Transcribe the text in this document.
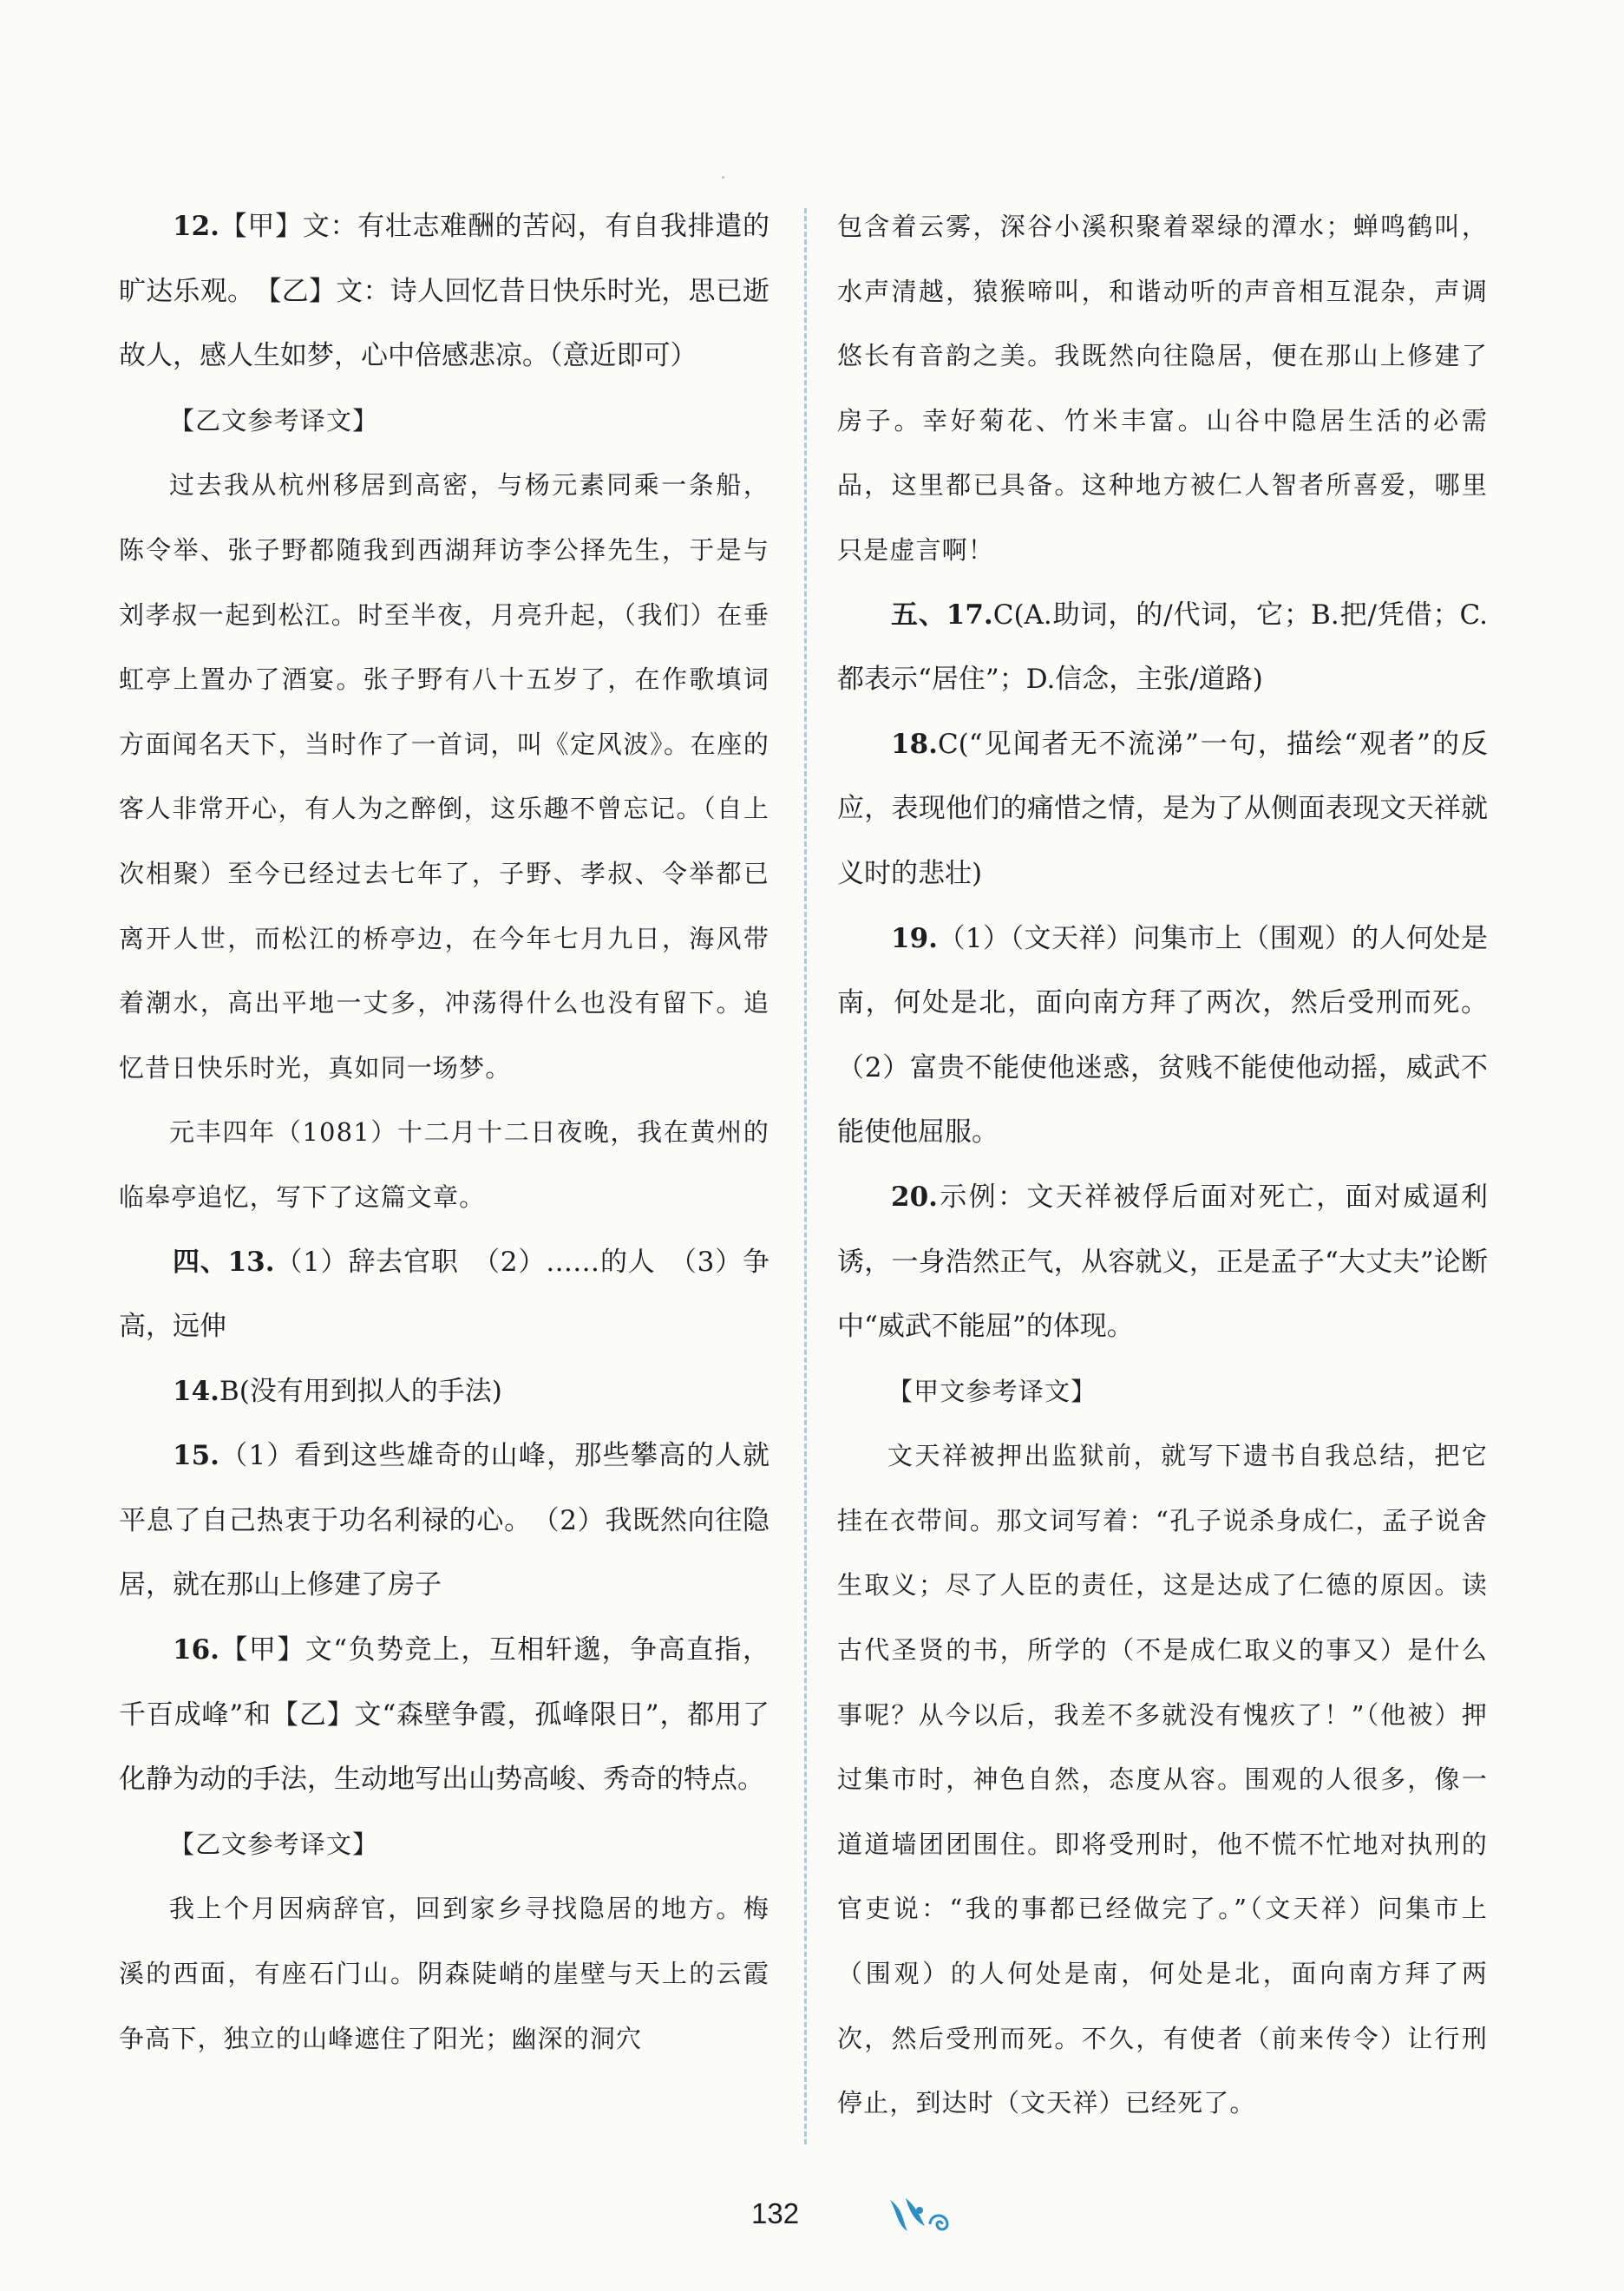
12.【甲】文：有壮志难酬的苦闷，有自我排遣的旷达乐观。　【乙】文：诗人回忆昔日快乐时光，思已逝故人，感人生如梦，心中倍感悲凉。（意近即可）

【乙文参考译文】

过去我从杭州移居到高密，与杨元素同乘一条船，陈令举、张子野都随我到西湖拜访李公择先生，于是与刘孝叔一起到松江。时至半夜，月亮升起，（我们）在垂虹亭上置办了酒宴。张子野有八十五岁了，在作歌填词方面闻名天下，当时作了一首词，叫《定风波》。在座的客人非常开心，有人为之醉倒，这乐趣不曾忘记。（自上次相聚）至今已经过去七年了，子野、孝叔、令举都已离开人世，而松江的桥亭边，在今年七月九日，海风带着潮水，高出平地一丈多，冲荡得什么也没有留下。追忆昔日快乐时光，真如同一场梦。

元丰四年（1081）十二月十二日夜晚，我在黄州的临皋亭追忆，写下了这篇文章。

四、13.（1）辞去官职　（2）……的人　（3）争高，远伸

14.B(没有用到拟人的手法)

15.（1）看到这些雄奇的山峰，那些攀高的人就平息了自己热衷于功名利禄的心。　（2）我既然向往隐居，就在那山上修建了房子

16.【甲】文“负势竞上，互相轩邈，争高直指，千百成峰”和【乙】文“森壁争霞，孤峰限日”，都用了化静为动的手法，生动地写出山势高峻、秀奇的特点。

【乙文参考译文】

我上个月因病辞官，回到家乡寻找隐居的地方。梅溪的西面，有座石门山。阴森陡峭的崖壁与天上的云霞争高下，独立的山峰遮住了阳光；幽深的洞穴

包含着云雾，深谷小溪积聚着翠绿的潭水；蝉鸣鹤叫，水声清越，猿猴啼叫，和谐动听的声音相互混杂，声调悠长有音韵之美。我既然向往隐居，便在那山上修建了房子。幸好菊花、竹米丰富。山谷中隐居生活的必需品，这里都已具备。这种地方被仁人智者所喜爱，哪里只是虚言啊！

五、17.C(A.助词，的/代词，它；B.把/凭借；C.都表示“居住”；D.信念，主张/道路)

18.C(“见闻者无不流涕”一句，描绘“观者”的反应，表现他们的痛惜之情，是为了从侧面表现文天祥就义时的悲壮)

19.（1）（文天祥）问集市上（围观）的人何处是南，何处是北，面向南方拜了两次，然后受刑而死。（2）富贵不能使他迷惑，贫贱不能使他动摇，威武不能使他屈服。

20.示例：文天祥被俘后面对死亡，面对威逼利诱，一身浩然正气，从容就义，正是孟子“大丈夫”论断中“威武不能屈”的体现。

【甲文参考译文】

文天祥被押出监狱前，就写下遗书自我总结，把它挂在衣带间。那文词写着：“孔子说杀身成仁，孟子说舍生取义；尽了人臣的责任，这是达成了仁德的原因。读古代圣贤的书，所学的（不是成仁取义的事又）是什么事呢？从今以后，我差不多就没有愧疚了！”（他被）押过集市时，神色自然，态度从容。围观的人很多，像一道道墙团团围住。即将受刑时，他不慌不忙地对执刑的官吏说：“我的事都已经做完了。”（文天祥）问集市上（围观）的人何处是南，何处是北，面向南方拜了两次，然后受刑而死。不久，有使者（前来传令）让行刑停止，到达时（文天祥）已经死了。

132
